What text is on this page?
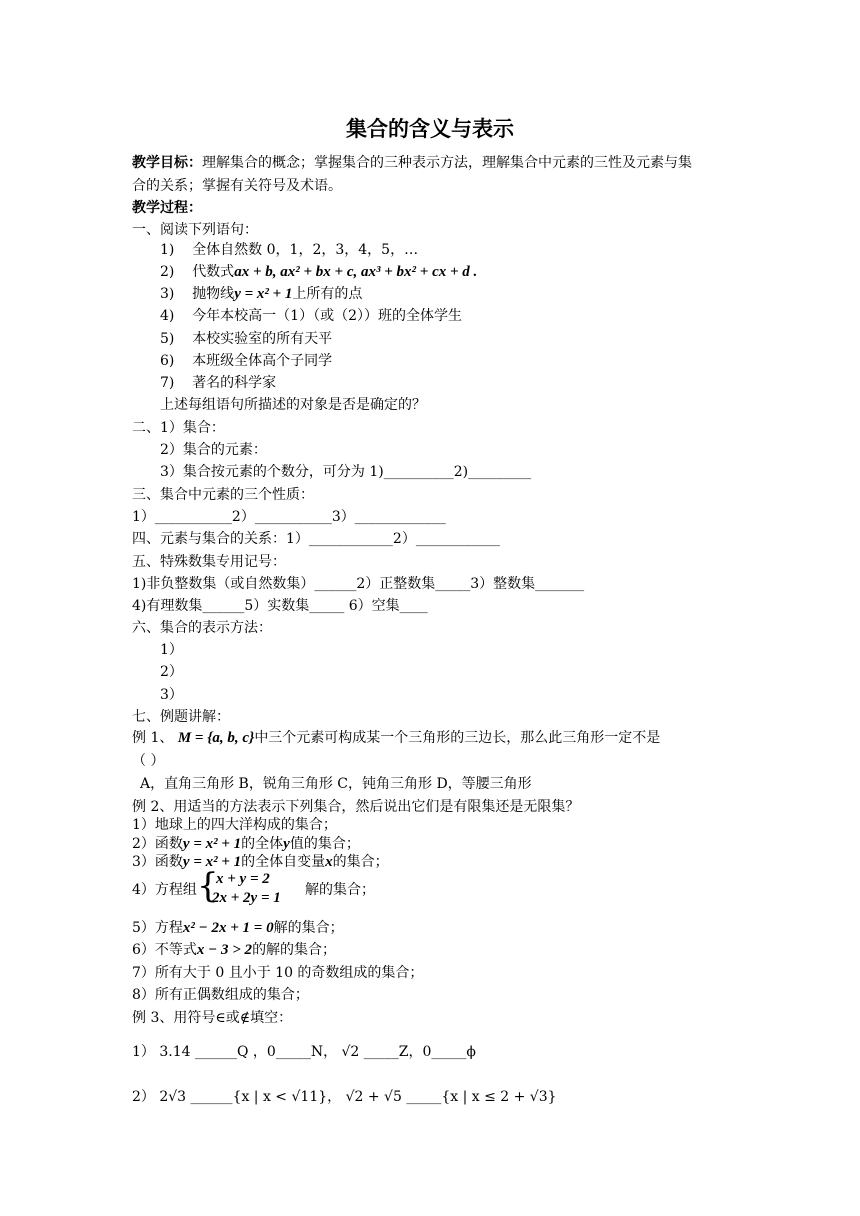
集合的含义与表示
教学目标：理解集合的概念；掌握集合的三种表示方法，理解集合中元素的三性及元素与集
合的关系；掌握有关符号及术语。
教学过程：
一、阅读下列语句：
1) 全体自然数 0，1，2，3，4，5，…
2) 代数式ax + b, ax² + bx + c, ax³ + bx² + cx + d .
3) 抛物线y = x² + 1上所有的点
4) 今年本校高一（1）（或（2））班的全体学生
5) 本校实验室的所有天平
6) 本班级全体高个子同学
7) 著名的科学家
上述每组语句所描述的对象是否是确定的？
二、1）集合：
2）集合的元素：
3）集合按元素的个数分，可分为 1)__________2)_________
三、集合中元素的三个性质：
1）___________2）___________3）_____________
四、元素与集合的关系：1）____________2）____________
五、特殊数集专用记号：
1)非负整数集（或自然数集）______2）正整数集_____3）整数集_______
4)有理数集______5）实数集_____ 6）空集____
六、集合的表示方法：
1）
2）
3）
七、例题讲解：
例 1、 M = {a, b, c}中三个元素可构成某一个三角形的三边长，那么此三角形一定不是
（ ）
A，直角三角形 B，锐角三角形 C，钝角三角形 D，等腰三角形
例 2、用适当的方法表示下列集合，然后说出它们是有限集还是无限集？
1）地球上的四大洋构成的集合；
2）函数y = x² + 1的全体y值的集合；
3）函数y = x² + 1的全体自变量x的集合；
4）方程组 {
x + y = 2
2x + 2y = 1 解的集合；
5）方程x² − 2x + 1 = 0解的集合；
6）不等式x − 3 > 2的解的集合；
7）所有大于 0 且小于 10 的奇数组成的集合；
8）所有正偶数组成的集合；
例 3、用符号∈或∉填空：
1） 3.14 ______Q ，0_____N， √2 _____Z，0_____ϕ
2） 2√3 ______{x | x < √11}， √2 + √5 _____{x | x ≤ 2 + √3}
